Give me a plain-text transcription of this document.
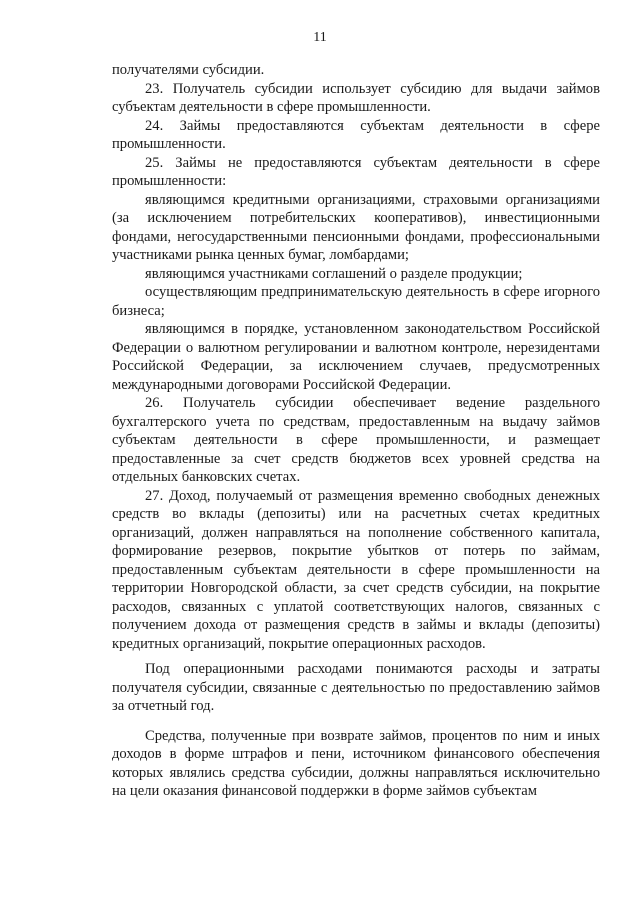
11

получателями субсидии.

23. Получатель субсидии использует субсидию для выдачи займов субъектам деятельности в сфере промышленности.

24. Займы предоставляются субъектам деятельности в сфере промышленности.

25. Займы не предоставляются субъектам деятельности в сфере промышленности:

являющимся кредитными организациями, страховыми организациями (за исключением потребительских кооперативов), инвестиционными фондами, негосударственными пенсионными фондами, профессиональными участниками рынка ценных бумаг, ломбардами;

являющимся участниками соглашений о разделе продукции;

осуществляющим предпринимательскую деятельность в сфере игорного бизнеса;

являющимся в порядке, установленном законодательством Российской Федерации о валютном регулировании и валютном контроле, нерезидентами Российской Федерации, за исключением случаев, предусмотренных международными договорами Российской Федерации.

26. Получатель субсидии обеспечивает ведение раздельного бухгалтерского учета по средствам, предоставленным на выдачу займов субъектам деятельности в сфере промышленности, и размещает предоставленные за счет средств бюджетов всех уровней средства на отдельных банковских счетах.

27. Доход, получаемый от размещения временно свободных денежных средств во вклады (депозиты) или на расчетных счетах кредитных организаций, должен направляться на пополнение собственного капитала, формирование резервов, покрытие убытков от потерь по займам, предоставленным субъектам деятельности в сфере промышленности на территории Новгородской области, за счет средств субсидии, на покрытие расходов, связанных с уплатой соответствующих налогов, связанных с получением дохода от размещения средств в займы и вклады (депозиты) кредитных организаций, покрытие операционных расходов.

Под операционными расходами понимаются расходы и затраты получателя субсидии, связанные с деятельностью по предоставлению займов за отчетный год.

Средства, полученные при возврате займов, процентов по ним и иных доходов в форме штрафов и пени, источником финансового обеспечения которых являлись средства субсидии, должны направляться исключительно на цели оказания финансовой поддержки в форме займов субъектам
